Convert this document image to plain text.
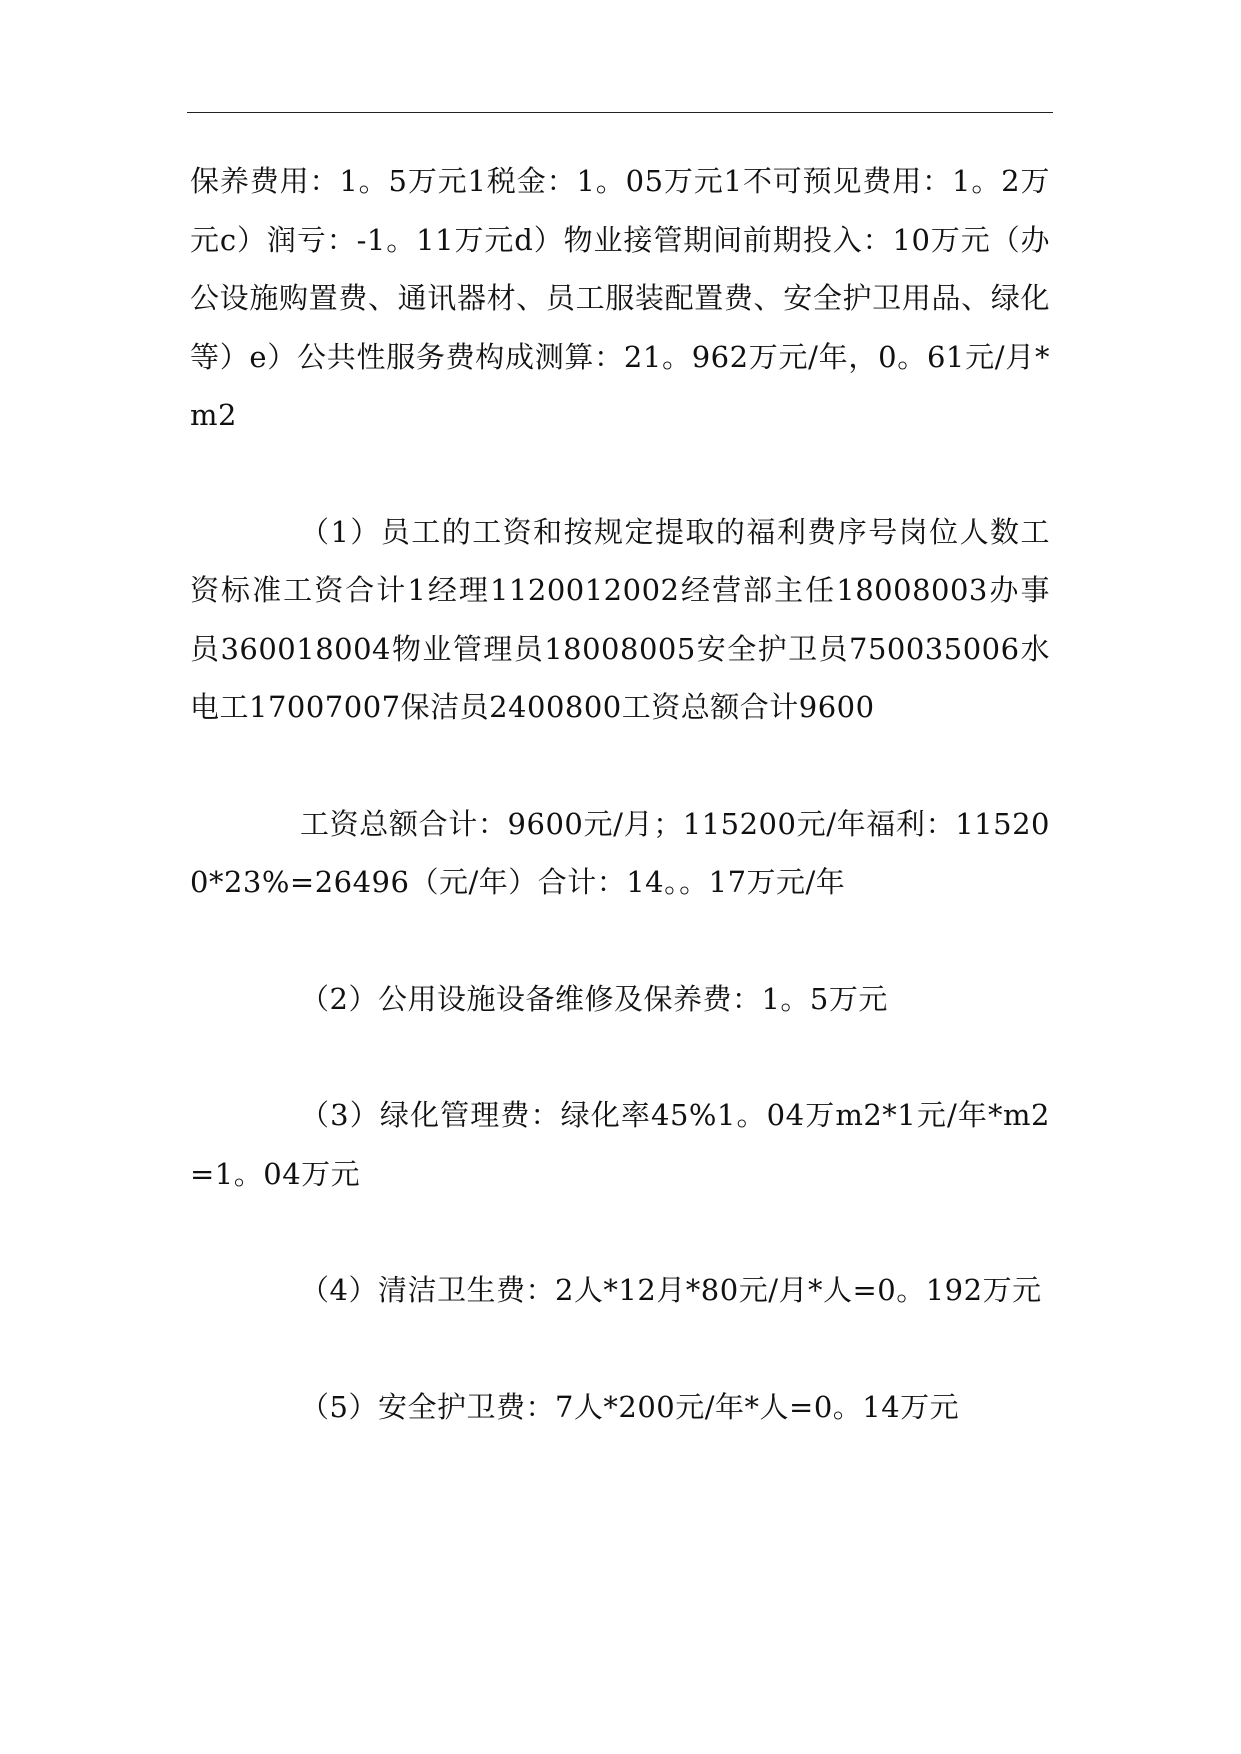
保养费用：1。5万元1税金：1。05万元1不可预见费用：1。2万元c）润亏：-1。11万元d）物业接管期间前期投入：10万元（办公设施购置费、通讯器材、员工服装配置费、安全护卫用品、绿化等）e）公共性服务费构成测算：21。962万元/年，0。61元/月*m2

（1）员工的工资和按规定提取的福利费序号岗位人数工资标准工资合计1经理1120012002经营部主任18008003办事员360018004物业管理员18008005安全护卫员750035006水电工17007007保洁员2400800工资总额合计9600

工资总额合计：9600元/月；115200元/年福利：115200*23%=26496（元/年）合计：14。。17万元/年

（2）公用设施设备维修及保养费：1。5万元

（3）绿化管理费：绿化率45%1。04万m2*1元/年*m2=1。04万元

（4）清洁卫生费：2人*12月*80元/月*人=0。192万元

（5）安全护卫费：7人*200元/年*人=0。14万元
